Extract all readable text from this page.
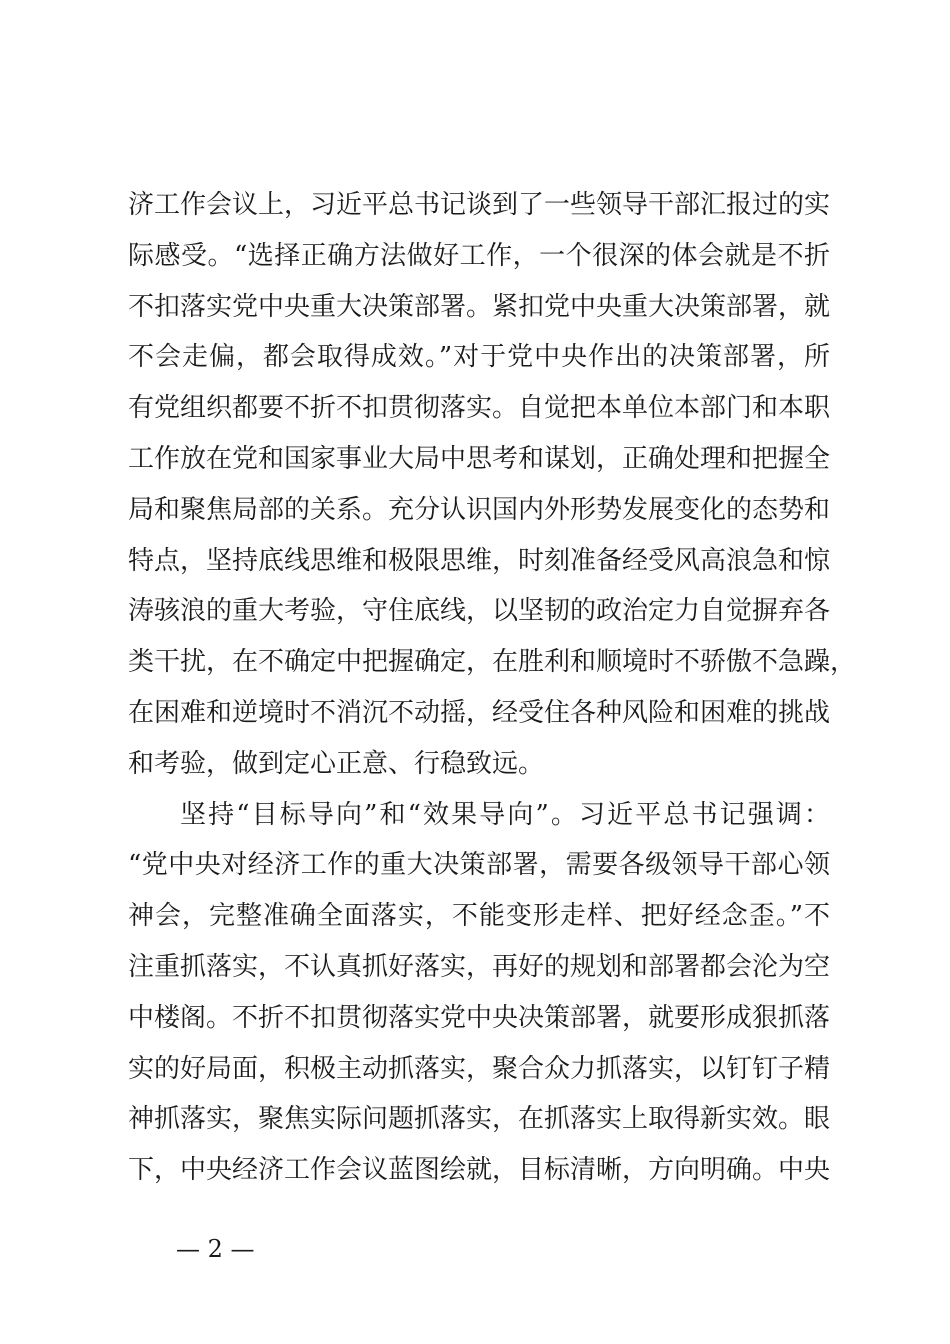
济工作会议上，习近平总书记谈到了一些领导干部汇报过的实
际感受。“选择正确方法做好工作，一个很深的体会就是不折
不扣落实党中央重大决策部署。紧扣党中央重大决策部署，就
不会走偏，都会取得成效。”对于党中央作出的决策部署，所
有党组织都要不折不扣贯彻落实。自觉把本单位本部门和本职
工作放在党和国家事业大局中思考和谋划，正确处理和把握全
局和聚焦局部的关系。充分认识国内外形势发展变化的态势和
特点，坚持底线思维和极限思维，时刻准备经受风高浪急和惊
涛骇浪的重大考验，守住底线，以坚韧的政治定力自觉摒弃各
类干扰，在不确定中把握确定，在胜利和顺境时不骄傲不急躁，
在困难和逆境时不消沉不动摇，经受住各种风险和困难的挑战
和考验，做到定心正意、行稳致远。
坚持“目标导向”和“效果导向”。习近平总书记强调：
“党中央对经济工作的重大决策部署，需要各级领导干部心领
神会，完整准确全面落实，不能变形走样、把好经念歪。”不
注重抓落实，不认真抓好落实，再好的规划和部署都会沦为空
中楼阁。不折不扣贯彻落实党中央决策部署，就要形成狠抓落
实的好局面，积极主动抓落实，聚合众力抓落实，以钉钉子精
神抓落实，聚焦实际问题抓落实，在抓落实上取得新实效。眼
下，中央经济工作会议蓝图绘就，目标清晰，方向明确。中央
— 2 —
